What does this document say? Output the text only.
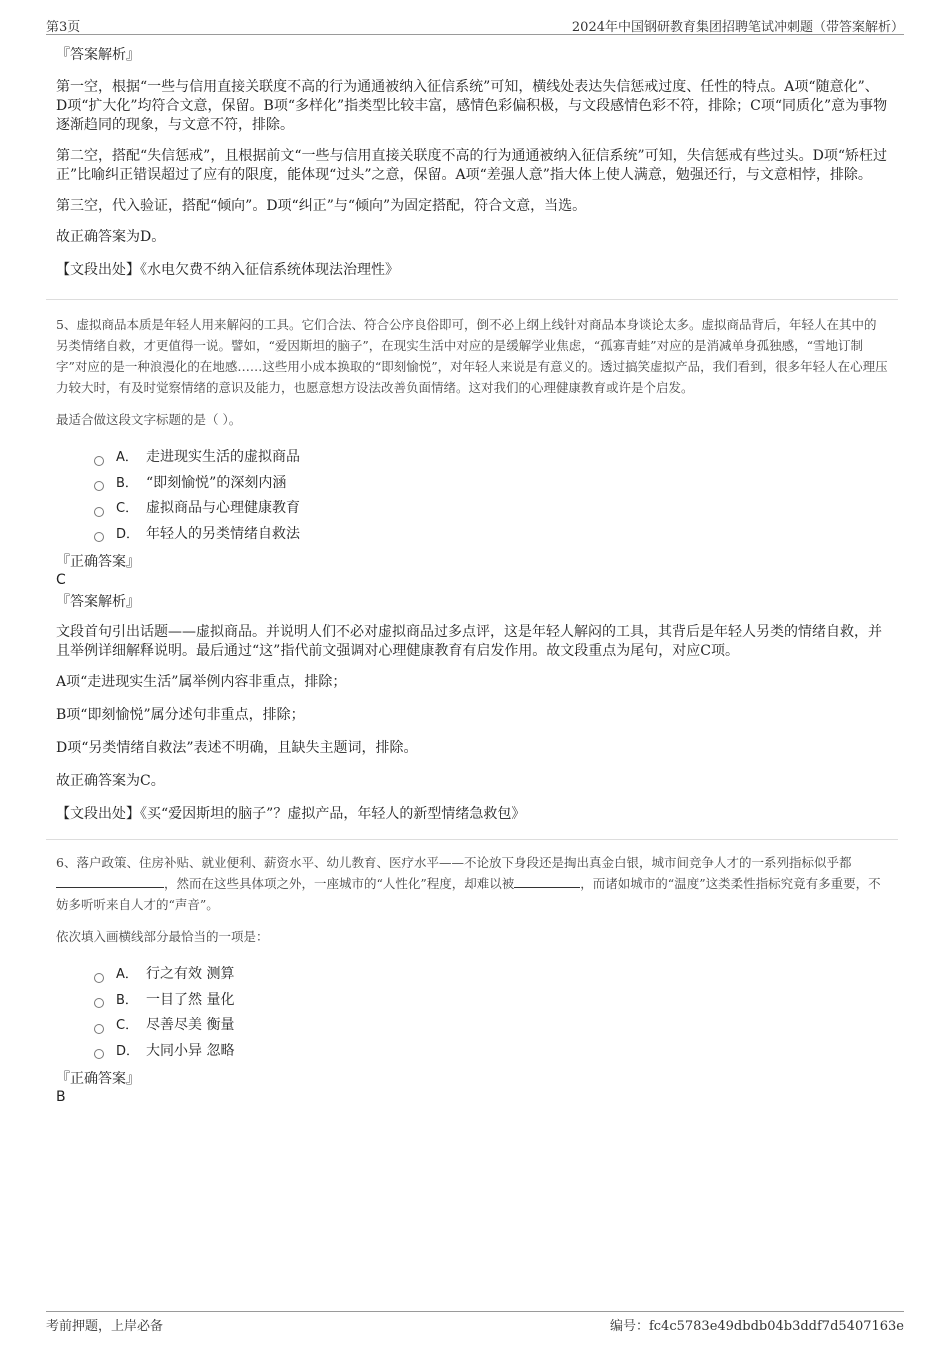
第3页	2024年中国钢研教育集团招聘笔试冲刺题（带答案解析）

『答案解析』

第一空，根据“一些与信用直接关联度不高的行为通通被纳入征信系统”可知，横线处表达失信惩戒过度、任性的特点。A项“随意化”、D项“扩大化”均符合文意，保留。B项“多样化”指类型比较丰富，感情色彩偏积极，与文段感情色彩不符，排除；C项“同质化”意为事物逐渐趋同的现象，与文意不符，排除。

第二空，搭配“失信惩戒”，且根据前文“一些与信用直接关联度不高的行为通通被纳入征信系统”可知，失信惩戒有些过头。D项“矫枉过正”比喻纠正错误超过了应有的限度，能体现“过头”之意，保留。A项“差强人意”指大体上使人满意，勉强还行，与文意相悖，排除。

第三空，代入验证，搭配“倾向”。D项“纠正”与“倾向”为固定搭配，符合文意，当选。

故正确答案为D。

【文段出处】《水电欠费不纳入征信系统体现法治理性》

5、虚拟商品本质是年轻人用来解闷的工具。它们合法、符合公序良俗即可，倒不必上纲上线针对商品本身谈论太多。虚拟商品背后，年轻人在其中的另类情绪自救，才更值得一说。譬如，“爱因斯坦的脑子”，在现实生活中对应的是缓解学业焦虑，“孤寡青蛙”对应的是消减单身孤独感，“雪地订制字”对应的是一种浪漫化的在地感……这些用小成本换取的“即刻愉悦”，对年轻人来说是有意义的。透过搞笑虚拟产品，我们看到，很多年轻人在心理压力较大时，有及时觉察情绪的意识及能力，也愿意想方设法改善负面情绪。这对我们的心理健康教育或许是个启发。

最适合做这段文字标题的是（ ）。

A． 走进现实生活的虚拟商品
B． “即刻愉悦”的深刻内涵
C． 虚拟商品与心理健康教育
D． 年轻人的另类情绪自救法

『正确答案』

C

『答案解析』

文段首句引出话题——虚拟商品。并说明人们不必对虚拟商品过多点评，这是年轻人解闷的工具，其背后是年轻人另类的情绪自救，并且举例详细解释说明。最后通过“这”指代前文强调对心理健康教育有启发作用。故文段重点为尾句，对应C项。

A项“走进现实生活”属举例内容非重点，排除；

B项“即刻愉悦”属分述句非重点，排除；

D项“另类情绪自救法”表述不明确，且缺失主题词，排除。

故正确答案为C。

【文段出处】《买“爱因斯坦的脑子”？虚拟产品，年轻人的新型情绪急救包》

6、落户政策、住房补贴、就业便利、薪资水平、幼儿教育、医疗水平——不论放下身段还是掏出真金白银，城市间竞争人才的一系列指标似乎都，然而在这些具体项之外，一座城市的“人性化”程度，却难以被	，而诸如城市的“温度”这类柔性指标究竟有多重要，不妨多听听来自人才的“声音”。

依次填入画横线部分最恰当的一项是：

A． 行之有效 测算
B． 一目了然 量化
C． 尽善尽美 衡量
D． 大同小异 忽略

『正确答案』

B

考前押题，上岸必备	编号：fc4c5783e49dbdb04b3ddf7d5407163e
